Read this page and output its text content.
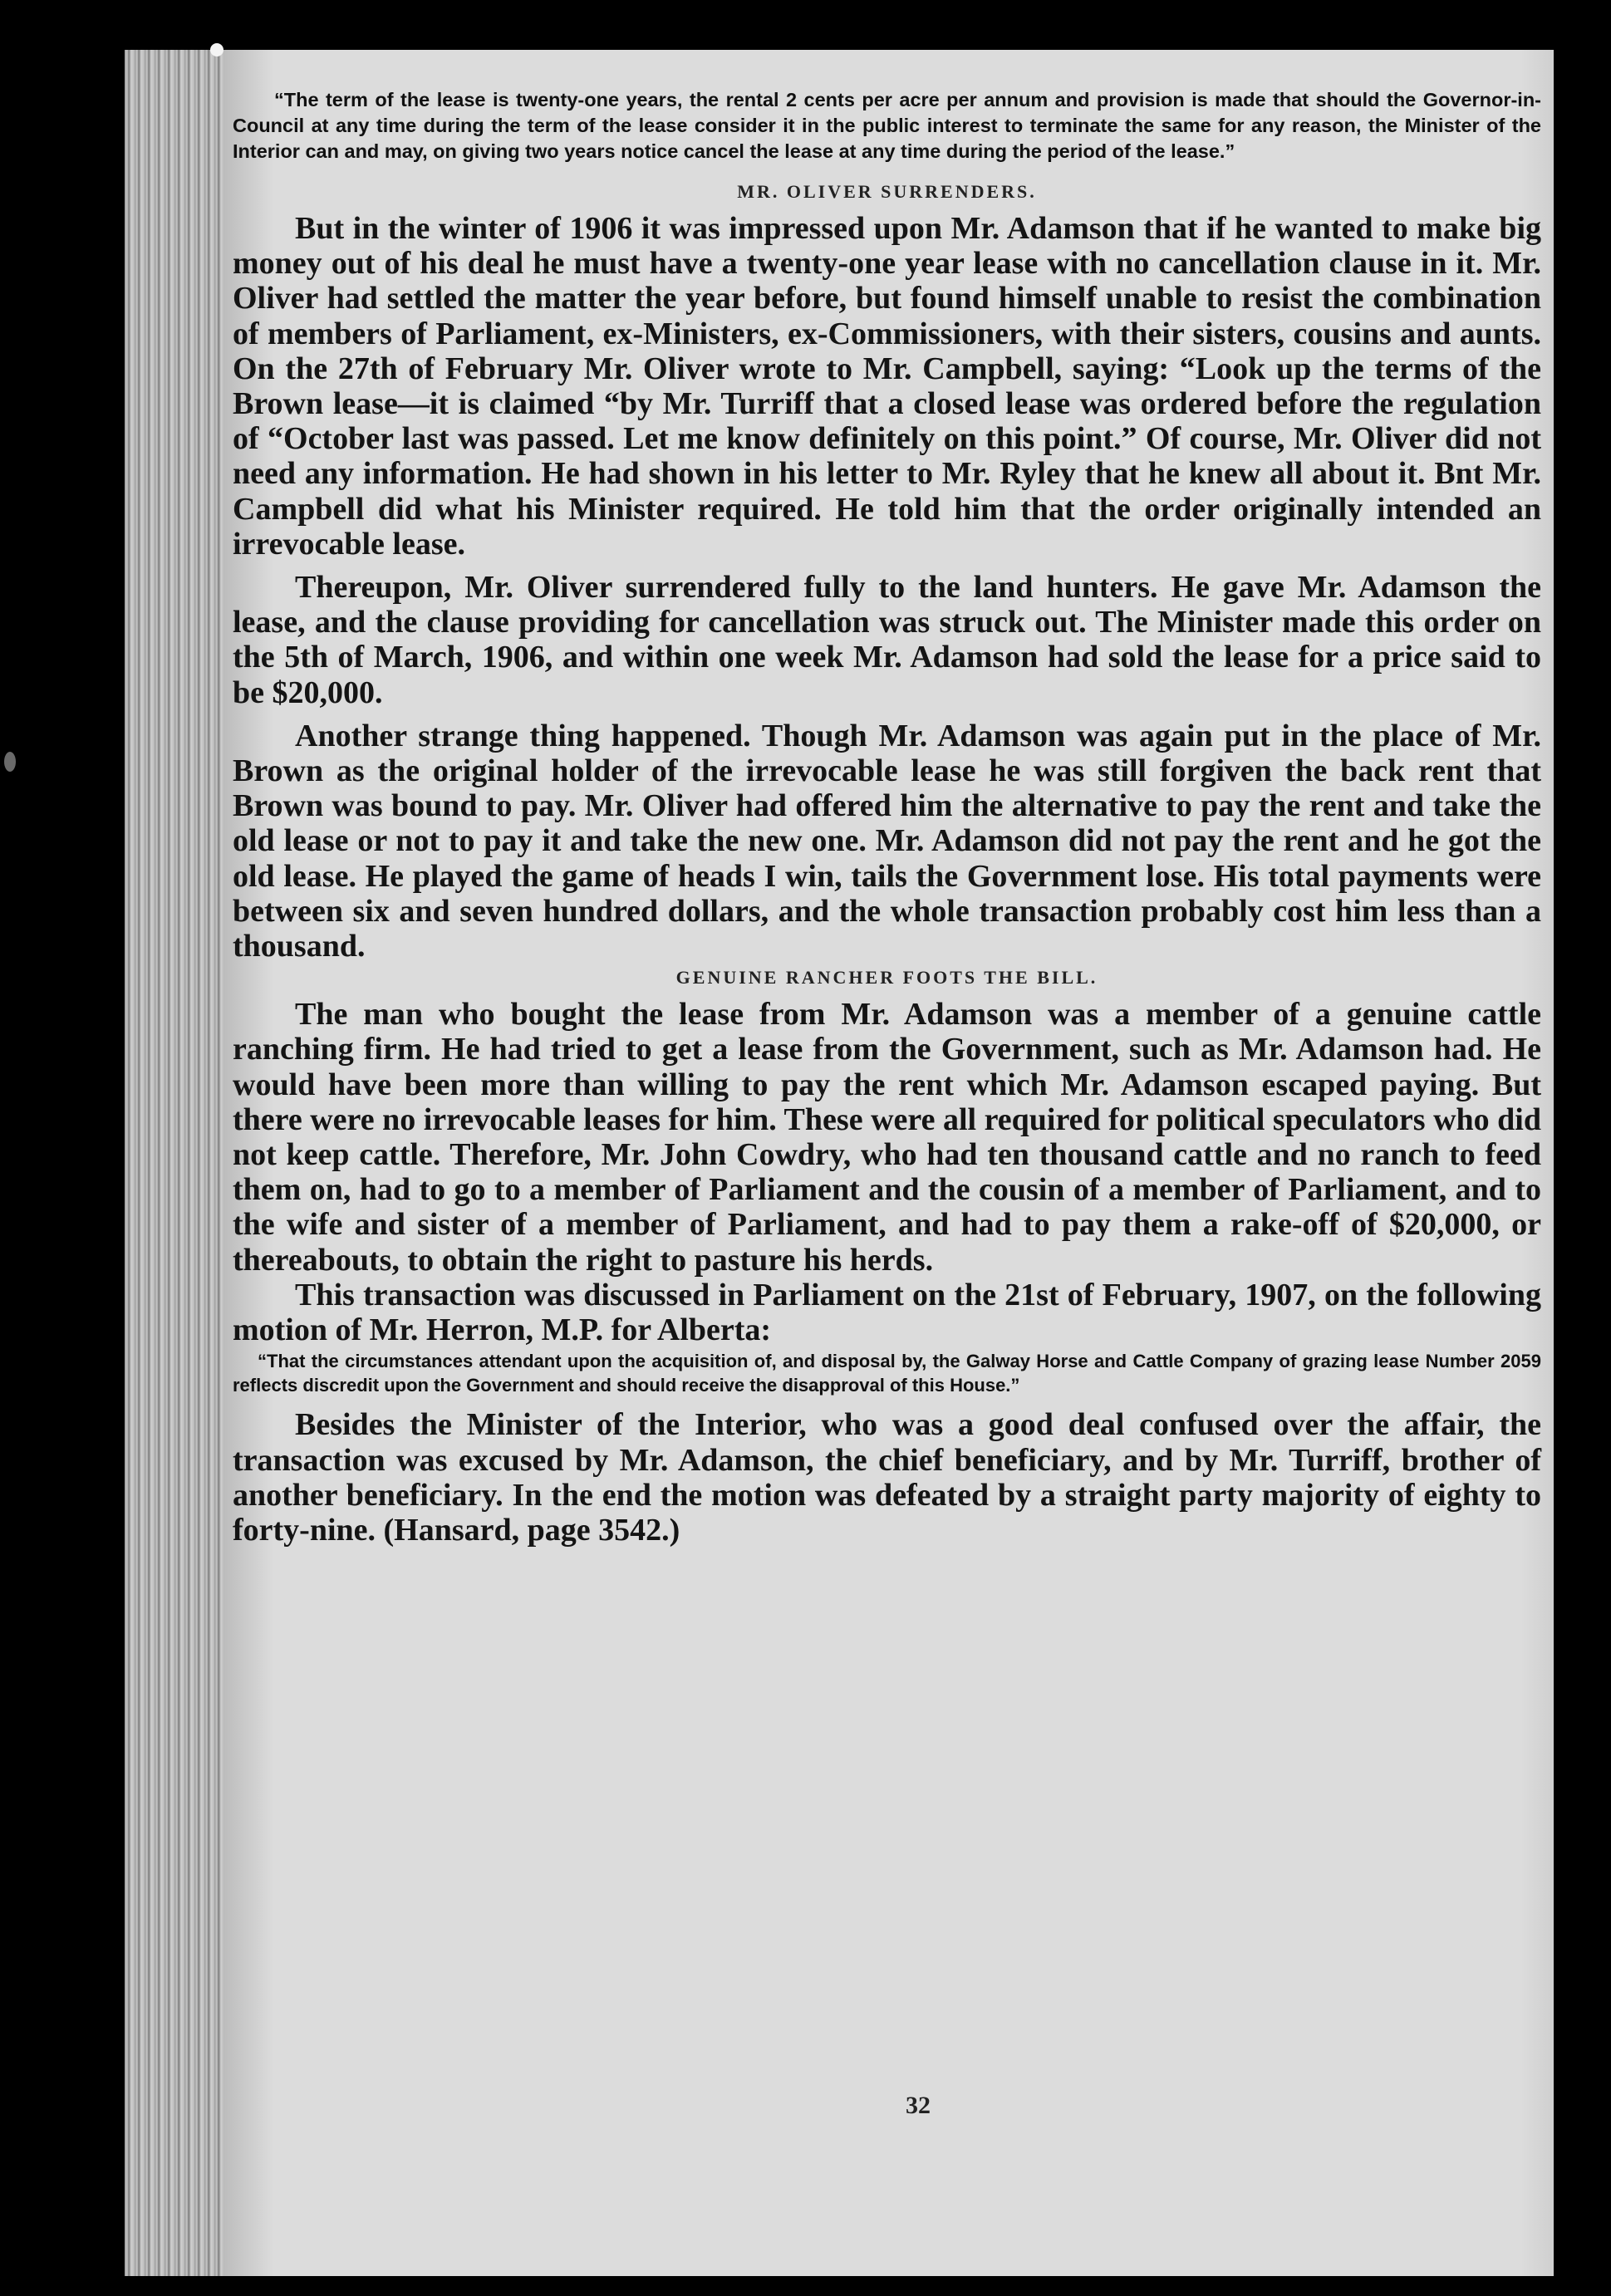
“The term of the lease is twenty-one years, the rental 2 cents per acre per annum and provision is made that should the Governor-in-Council at any time during the term of the lease consider it in the public interest to terminate the same for any reason, the Minister of the Interior can and may, on giving two years notice cancel the lease at any time during the period of the lease.”

MR. OLIVER SURRENDERS.

But in the winter of 1906 it was impressed upon Mr. Adamson that if he wanted to make big money out of his deal he must have a twenty-one year lease with no cancellation clause in it. Mr. Oliver had settled the matter the year before, but found himself unable to resist the combination of members of Parliament, ex-Ministers, ex-Commissioners, with their sisters, cousins and aunts. On the 27th of February Mr. Oliver wrote to Mr. Campbell, saying: “Look up the terms of the Brown lease—it is claimed “by Mr. Turriff that a closed lease was ordered before the regulation of “October last was passed. Let me know definitely on this point.” Of course, Mr. Oliver did not need any information. He had shown in his letter to Mr. Ryley that he knew all about it. Bnt Mr. Campbell did what his Minister required. He told him that the order originally intended an irrevocable lease.

Thereupon, Mr. Oliver surrendered fully to the land hunters. He gave Mr. Adamson the lease, and the clause providing for cancellation was struck out. The Minister made this order on the 5th of March, 1906, and within one week Mr. Adamson had sold the lease for a price said to be $20,000.

Another strange thing happened. Though Mr. Adamson was again put in the place of Mr. Brown as the original holder of the irrevocable lease he was still forgiven the back rent that Brown was bound to pay. Mr. Oliver had offered him the alternative to pay the rent and take the old lease or not to pay it and take the new one. Mr. Adamson did not pay the rent and he got the old lease. He played the game of heads I win, tails the Government lose. His total payments were between six and seven hundred dollars, and the whole transaction probably cost him less than a thousand.

GENUINE RANCHER FOOTS THE BILL.

The man who bought the lease from Mr. Adamson was a member of a genuine cattle ranching firm. He had tried to get a lease from the Government, such as Mr. Adamson had. He would have been more than willing to pay the rent which Mr. Adamson escaped paying. But there were no irrevocable leases for him. These were all required for political speculators who did not keep cattle. Therefore, Mr. John Cowdry, who had ten thousand cattle and no ranch to feed them on, had to go to a member of Parliament and the cousin of a member of Parliament, and to the wife and sister of a member of Parliament, and had to pay them a rake-off of $20,000, or thereabouts, to obtain the right to pasture his herds.

This transaction was discussed in Parliament on the 21st of February, 1907, on the following motion of Mr. Herron, M.P. for Alberta:

“That the circumstances attendant upon the acquisition of, and disposal by, the Galway Horse and Cattle Company of grazing lease Number 2059 reflects discredit upon the Government and should receive the disapproval of this House.”

Besides the Minister of the Interior, who was a good deal confused over the affair, the transaction was excused by Mr. Adamson, the chief beneficiary, and by Mr. Turriff, brother of another beneficiary. In the end the motion was defeated by a straight party majority of eighty to forty-nine. (Hansard, page 3542.)

32
